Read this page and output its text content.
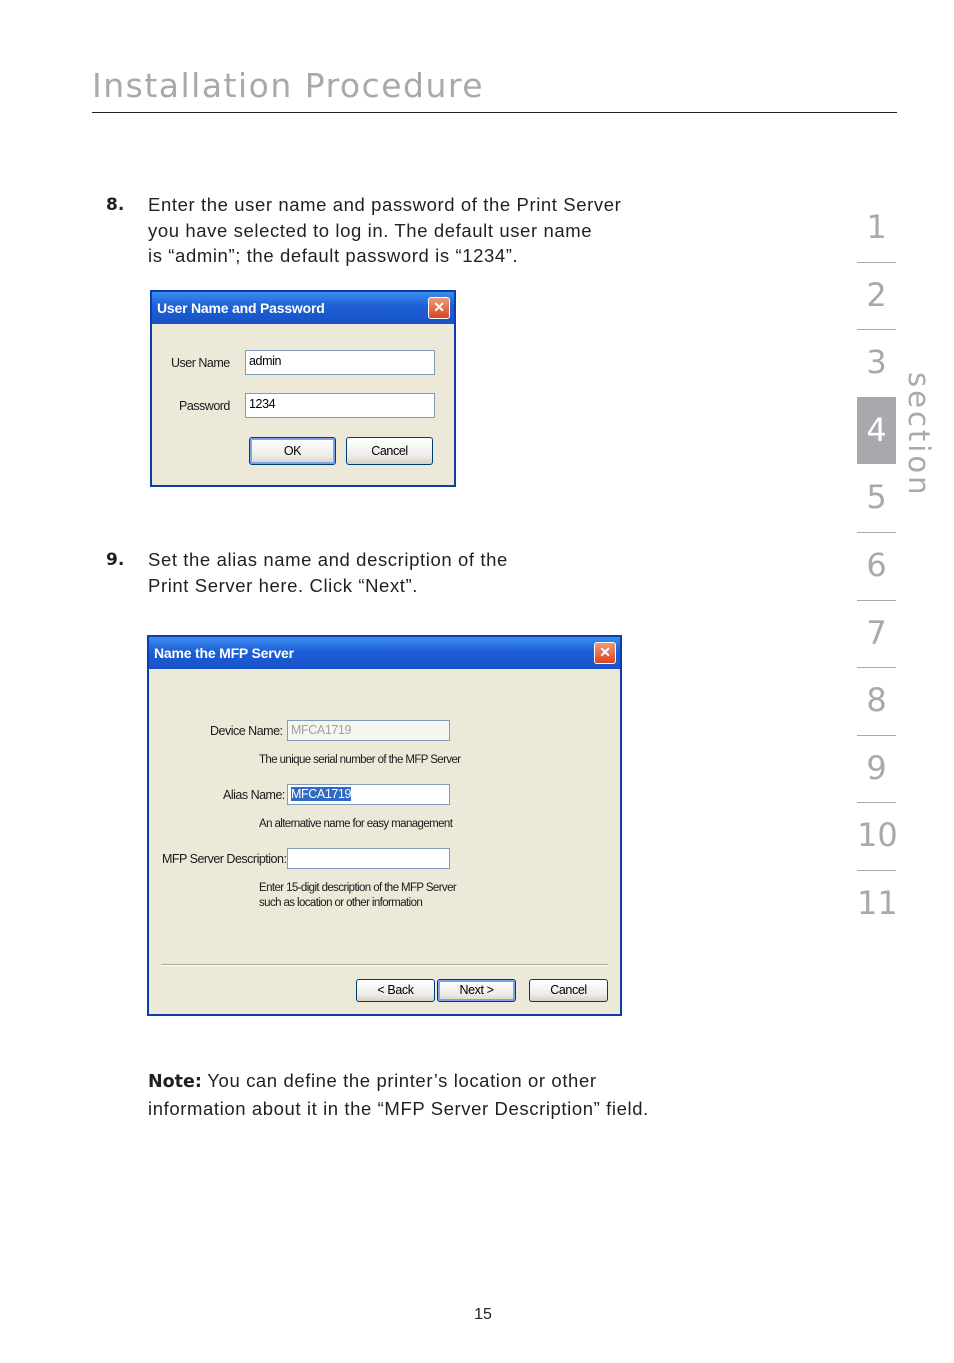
Installation Procedure
8. Enter the user name and password of the Print Server
you have selected to log in. The default user name
is “admin”; the default password is “1234”.
User Name and Password	✕
User Name	admin
Password	1234
OK	Cancel
9. Set the alias name and description of the
Print Server here. Click “Next”.
Name the MFP Server	✕
Device Name: MFCA1719
The unique serial number of the MFP Server
Alias Name: MFCA1719
An alternative name for easy management
MFP Server Description:
Enter 15-digit description of the MFP Server
such as location or other information
< Back	Next >	Cancel
Note: You can define the printer’s location or other
information about it in the “MFP Server Description” field.
1
2
3
4
5
6
7
8
9
10
11
section
15
